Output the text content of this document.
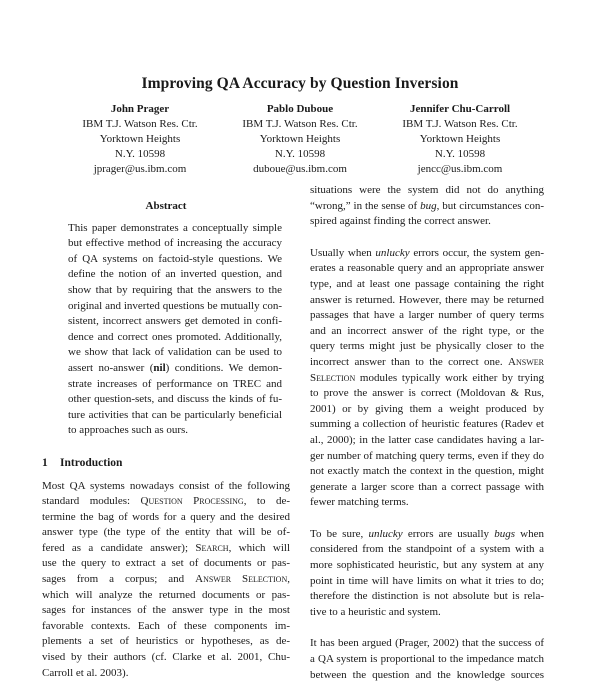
Improving QA Accuracy by Question Inversion
John Prager
IBM T.J. Watson Res. Ctr.
Yorktown Heights
N.Y. 10598
jprager@us.ibm.com
Pablo Duboue
IBM T.J. Watson Res. Ctr.
Yorktown Heights
N.Y. 10598
duboue@us.ibm.com
Jennifer Chu-Carroll
IBM T.J. Watson Res. Ctr.
Yorktown Heights
N.Y. 10598
jencc@us.ibm.com
Abstract
This paper demonstrates a conceptually simple
but effective method of increasing the accuracy
of QA systems on factoid-style questions. We
define the notion of an inverted question, and
show that by requiring that the answers to the
original and inverted questions be mutually con-
sistent, incorrect answers get demoted in confi-
dence and correct ones promoted. Additionally,
we show that lack of validation can be used to
assert no-answer (nil) conditions. We demon-
strate increases of performance on TREC and
other question-sets, and discuss the kinds of fu-
ture activities that can be particularly beneficial
to approaches such as ours.
1 Introduction
Most QA systems nowadays consist of the following
standard modules: Question Processing, to de-
termine the bag of words for a query and the desired
answer type (the type of the entity that will be of-
fered as a candidate answer); Search, which will
use the query to extract a set of documents or pas-
sages from a corpus; and Answer Selection,
which will analyze the returned documents or pas-
sages for instances of the answer type in the most
favorable contexts. Each of these components im-
plements a set of heuristics or hypotheses, as de-
vised by their authors (cf. Clarke et al. 2001, Chu-
Carroll et al. 2003).

situations were the system did not do anything
“wrong,” in the sense of bug, but circumstances con-
spired against finding the correct answer.

Usually when unlucky errors occur, the system gen-
erates a reasonable query and an appropriate answer
type, and at least one passage containing the right
answer is returned. However, there may be returned
passages that have a larger number of query terms
and an incorrect answer of the right type, or the
query terms might just be physically closer to the
incorrect answer than to the correct one. Answer
Selection modules typically work either by trying
to prove the answer is correct (Moldovan & Rus,
2001) or by giving them a weight produced by
summing a collection of heuristic features (Radev et
al., 2000); in the latter case candidates having a lar-
ger number of matching query terms, even if they do
not exactly match the context in the question, might
generate a larger score than a correct passage with
fewer matching terms.

To be sure, unlucky errors are usually bugs when
considered from the standpoint of a system with a
more sophisticated heuristic, but any system at any
point in time will have limits on what it tries to do;
therefore the distinction is not absolute but is rela-
tive to a heuristic and system.

It has been argued (Prager, 2002) that the success of
a QA system is proportional to the impedance match
between the question and the knowledge sources
